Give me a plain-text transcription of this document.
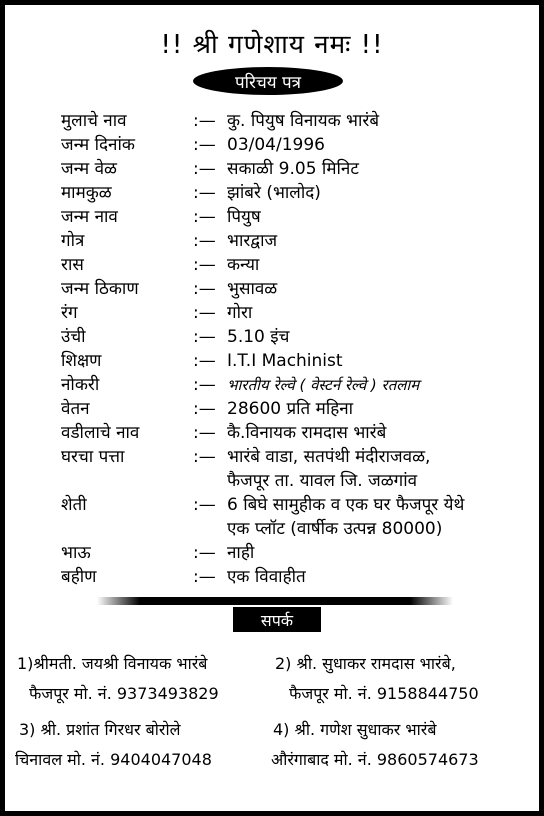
!! श्री गणेशाय नमः !!
परिचय पत्र
मुलाचे नाव	:— कु. पियुष विनायक भारंबे
जन्म दिनांक	:— 03/04/1996
जन्म वेळ	:— सकाळी 9.05 मिनिट
मामकुळ	:— झांबरे (भालोद)
जन्म नाव	:— पियुष
गोत्र	:— भारद्वाज
रास	:— कन्या
जन्म ठिकाण	:— भुसावळ
रंग	:— गोरा
उंची	:— 5.10 इंच
शिक्षण	:— I.T.I Machinist
नोकरी	:— भारतीय रेल्वे ( वेस्टर्न रेल्वे ) रतलाम
वेतन	:— 28600 प्रति महिना
वडीलाचे नाव	:— कै.विनायक रामदास भारंबे
घरचा पत्ता	:— भारंबे वाडा, सतपंथी मंदीराजवळ,
फैजपूर ता. यावल जि. जळगांव
शेती	:— 6 बिघे सामुहीक व एक घर फैजपूर येथे
एक प्लॉट (वार्षीक उत्पन्न 80000)
भाऊ	:— नाही
बहीण	:— एक विवाहीत
सपर्क
1)श्रीमती. जयश्री विनायक भारंबे
फैजपूर मो. नं. 9373493829
2) श्री. सुधाकर रामदास भारंबे,
फैजपूर मो. नं. 9158844750
3) श्री. प्रशांत गिरधर बोरोले
चिनावल मो. नं. 9404047048
4) श्री. गणेश सुधाकर भारंबे
औरंगाबाद मो. नं. 9860574673
